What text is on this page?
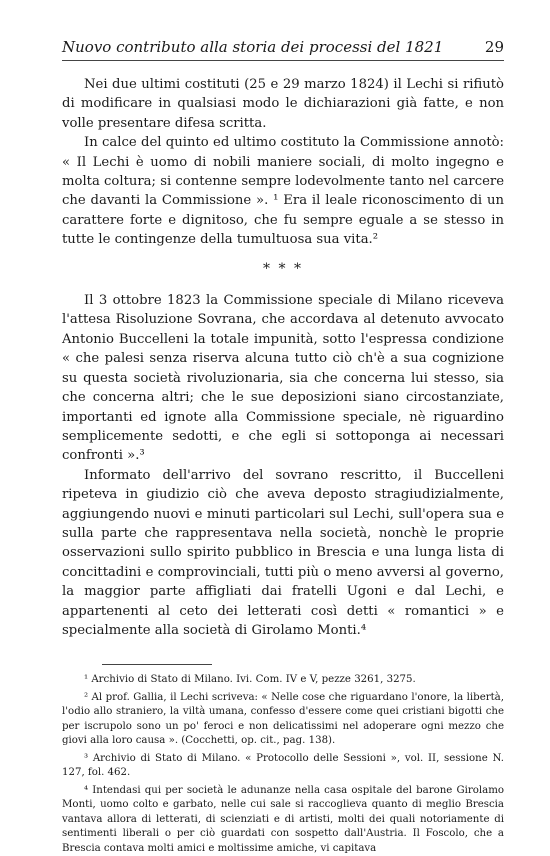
Nuovo contributo alla storia dei processi del 1821	29

Nei due ultimi costituti (25 e 29 marzo 1824) il Lechi si rifiutò di modificare in qualsiasi modo le dichiarazioni già fatte, e non volle presentare difesa scritta.

In calce del quinto ed ultimo costituto la Commissione annotò: « Il Lechi è uomo di nobili maniere sociali, di molto ingegno e molta coltura; si contenne sempre lodevolmente tanto nel carcere che davanti la Commissione ». ¹ Era il leale riconoscimento di un carattere forte e dignitoso, che fu sempre eguale a se stesso in tutte le contingenze della tumultuosa sua vita.²

* * *

Il 3 ottobre 1823 la Commissione speciale di Milano riceveva l'attesa Risoluzione Sovrana, che accordava al detenuto avvocato Antonio Buccelleni la totale impunità, sotto l'espressa condizione « che palesi senza riserva alcuna tutto ciò ch'è a sua cognizione su questa società rivoluzionaria, sia che concerna lui stesso, sia che concerna altri; che le sue deposizioni siano circostanziate, importanti ed ignote alla Commissione speciale, nè riguardino semplicemente sedotti, e che egli si sottoponga ai necessari confronti ».³

Informato dell'arrivo del sovrano rescritto, il Buccelleni ripeteva in giudizio ciò che aveva deposto stragiudizialmente, aggiungendo nuovi e minuti particolari sul Lechi, sull'opera sua e sulla parte che rappresentava nella società, nonchè le proprie osservazioni sullo spirito pubblico in Brescia e una lunga lista di concittadini e comprovinciali, tutti più o meno avversi al governo, la maggior parte affigliati dai fratelli Ugoni e dal Lechi, e appartenenti al ceto dei letterati così detti « romantici » e specialmente alla società di Girolamo Monti.⁴

¹ Archivio di Stato di Milano. Ivi. Com. IV e V, pezze 3261, 3275.

² Al prof. Gallia, il Lechi scriveva: « Nelle cose che riguardano l'onore, la libertà, l'odio allo straniero, la viltà umana, confesso d'essere come quei cristiani bigotti che per iscrupolo sono un po' feroci e non delicatissimi nel adoperare ogni mezzo che giovi alla loro causa ». (Cocchetti, op. cit., pag. 138).

³ Archivio di Stato di Milano. « Protocollo delle Sessioni », vol. II, sessione N. 127, fol. 462.

⁴ Intendasi qui per società le adunanze nella casa ospitale del barone Girolamo Monti, uomo colto e garbato, nelle cui sale si raccoglieva quanto di meglio Brescia vantava allora di letterati, di scienziati e di artisti, molti dei quali notoriamente di sentimenti liberali o per ciò guardati con sospetto dall'Austria. Il Foscolo, che a Brescia contava molti amici e moltissime amiche, vi capitava
